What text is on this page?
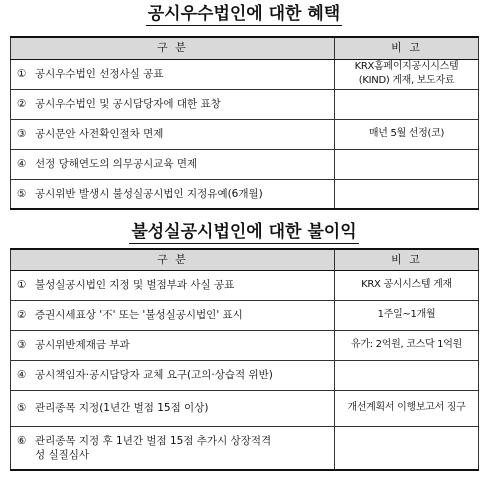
공시우수법인에 대한 혜택
구 분	비 고
① 공시우수법인 선정사실 공표	KRX홈페이지공시시스템
(KIND) 게재, 보도자료
② 공시우수법인 및 공시담당자에 대한 표창	
③ 공시문안 사전확인절차 면제	매년 5월 선정(코)
④ 선정 당해연도의 의무공시교육 면제	
⑤ 공시위반 발생시 불성실공시법인 지정유예(6개월)	
불성실공시법인에 대한 불이익
구 분	비 고
① 불성실공시법인 지정 및 벌점부과 사실 공표	KRX 공시시스템 게재
② 증권시세표상 '不' 또는 '불성실공시법인' 표시	1주일~1개월
③ 공시위반제재금 부과	유가: 2억원, 코스닥 1억원
④ 공시책임자·공시담당자 교체 요구(고의·상습적 위반)	
⑤ 관리종목 지정(1년간 벌점 15점 이상)	개선계획서 이행보고서 징구
⑥ 관리종목 지정 후 1년간 벌점 15점 추가시 상장적격
성 실질심사	
